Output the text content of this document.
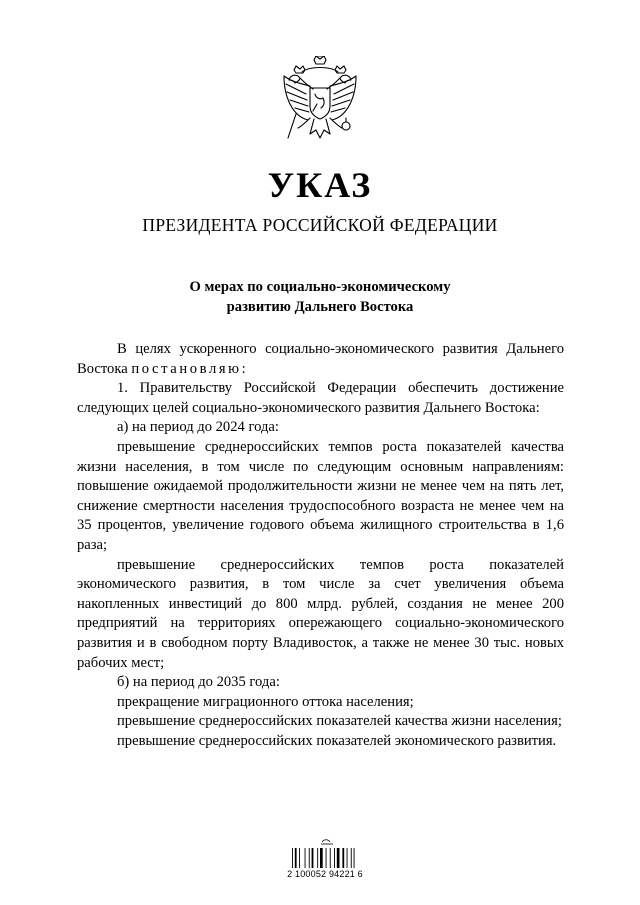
УКАЗ
ПРЕЗИДЕНТА РОССИЙСКОЙ ФЕДЕРАЦИИ
О мерах по социально-экономическому
развитию Дальнего Востока

В целях ускоренного социально-экономического развития Дальнего Востока постановляю:

1. Правительству Российской Федерации обеспечить достижение следующих целей социально-экономического развития Дальнего Востока:

а) на период до 2024 года:

превышение среднероссийских темпов роста показателей качества жизни населения, в том числе по следующим основным направлениям: повышение ожидаемой продолжительности жизни не менее чем на пять лет, снижение смертности населения трудоспособного возраста не менее чем на 35 процентов, увеличение годового объема жилищного строительства в 1,6 раза;

превышение среднероссийских темпов роста показателей экономического развития, в том числе за счет увеличения объема накопленных инвестиций до 800 млрд. рублей, создания не менее 200 предприятий на территориях опережающего социально-экономического развития и в свободном порту Владивосток, а также не менее 30 тыс. новых рабочих мест;

б) на период до 2035 года:

прекращение миграционного оттока населения;

превышение среднероссийских показателей качества жизни населения;

превышение среднероссийских показателей экономического развития.

2 100052 94221 6
